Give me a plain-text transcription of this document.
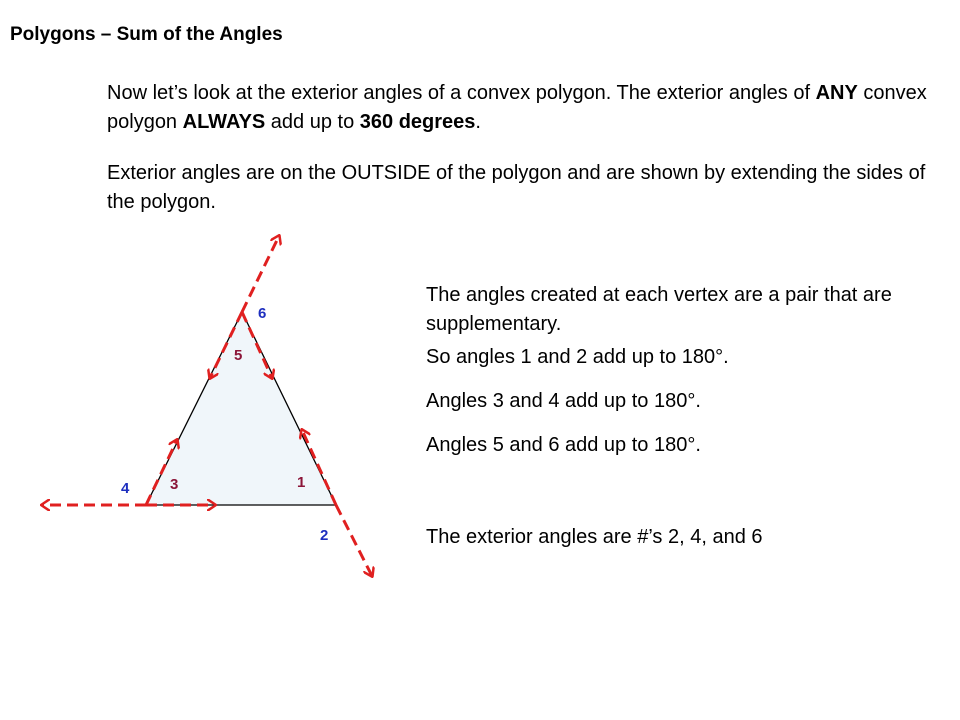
Polygons – Sum of the Angles

Now let’s look at the exterior angles of a convex polygon. The exterior angles of ANY convex polygon ALWAYS add up to 360 degrees.

Exterior angles are on the OUTSIDE of the polygon and are shown by extending the sides of the polygon.

6
5
4	3	1
2

The angles created at each vertex are a pair that are supplementary.

So angles 1 and 2 add up to 180°.

Angles 3 and 4 add up to 180°.

Angles 5 and 6 add up to 180°.

The exterior angles are #’s 2, 4, and 6
